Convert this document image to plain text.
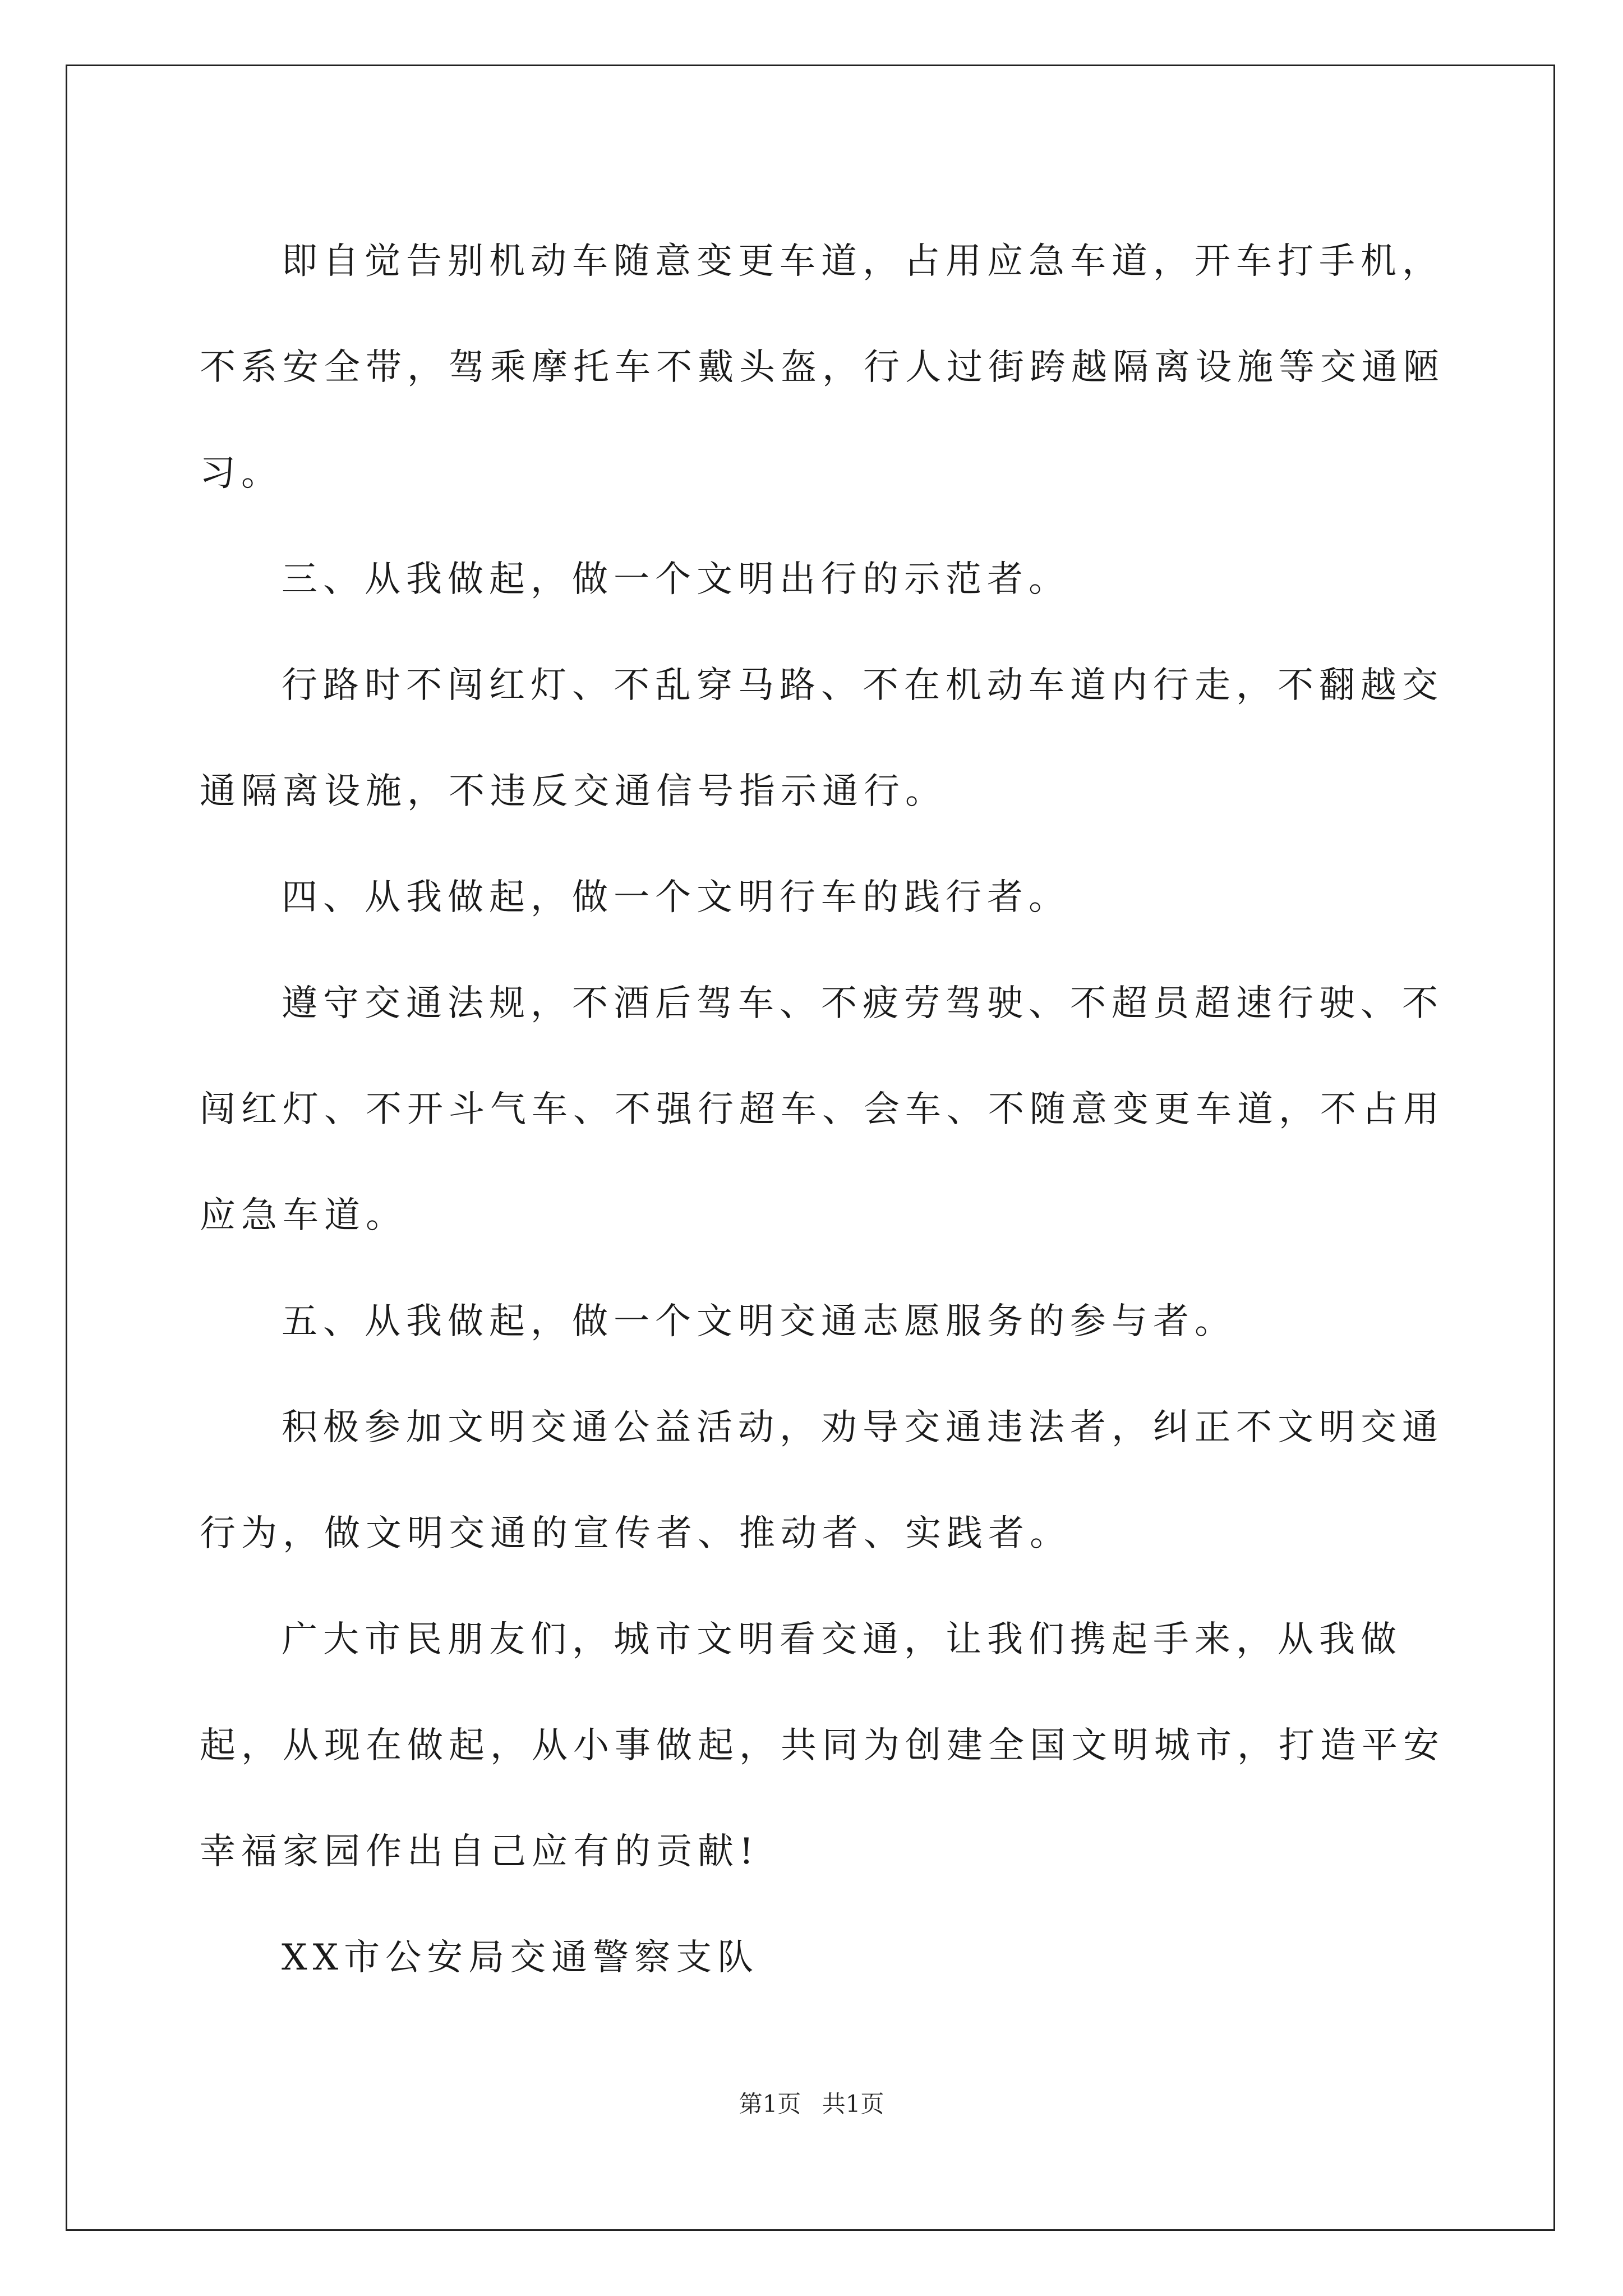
即自觉告别机动车随意变更车道，占用应急车道，开车打手机，不系安全带，驾乘摩托车不戴头盔，行人过街跨越隔离设施等交通陋习。

三、从我做起，做一个文明出行的示范者。

行路时不闯红灯、不乱穿马路、不在机动车道内行走，不翻越交通隔离设施，不违反交通信号指示通行。

四、从我做起，做一个文明行车的践行者。

遵守交通法规，不酒后驾车、不疲劳驾驶、不超员超速行驶、不闯红灯、不开斗气车、不强行超车、会车、不随意变更车道，不占用应急车道。

五、从我做起，做一个文明交通志愿服务的参与者。

积极参加文明交通公益活动，劝导交通违法者，纠正不文明交通行为，做文明交通的宣传者、推动者、实践者。

广大市民朋友们，城市文明看交通，让我们携起手来，从我做起，从现在做起，从小事做起，共同为创建全国文明城市，打造平安幸福家园作出自己应有的贡献!

XX市公安局交通警察支队

第1页 共1页
